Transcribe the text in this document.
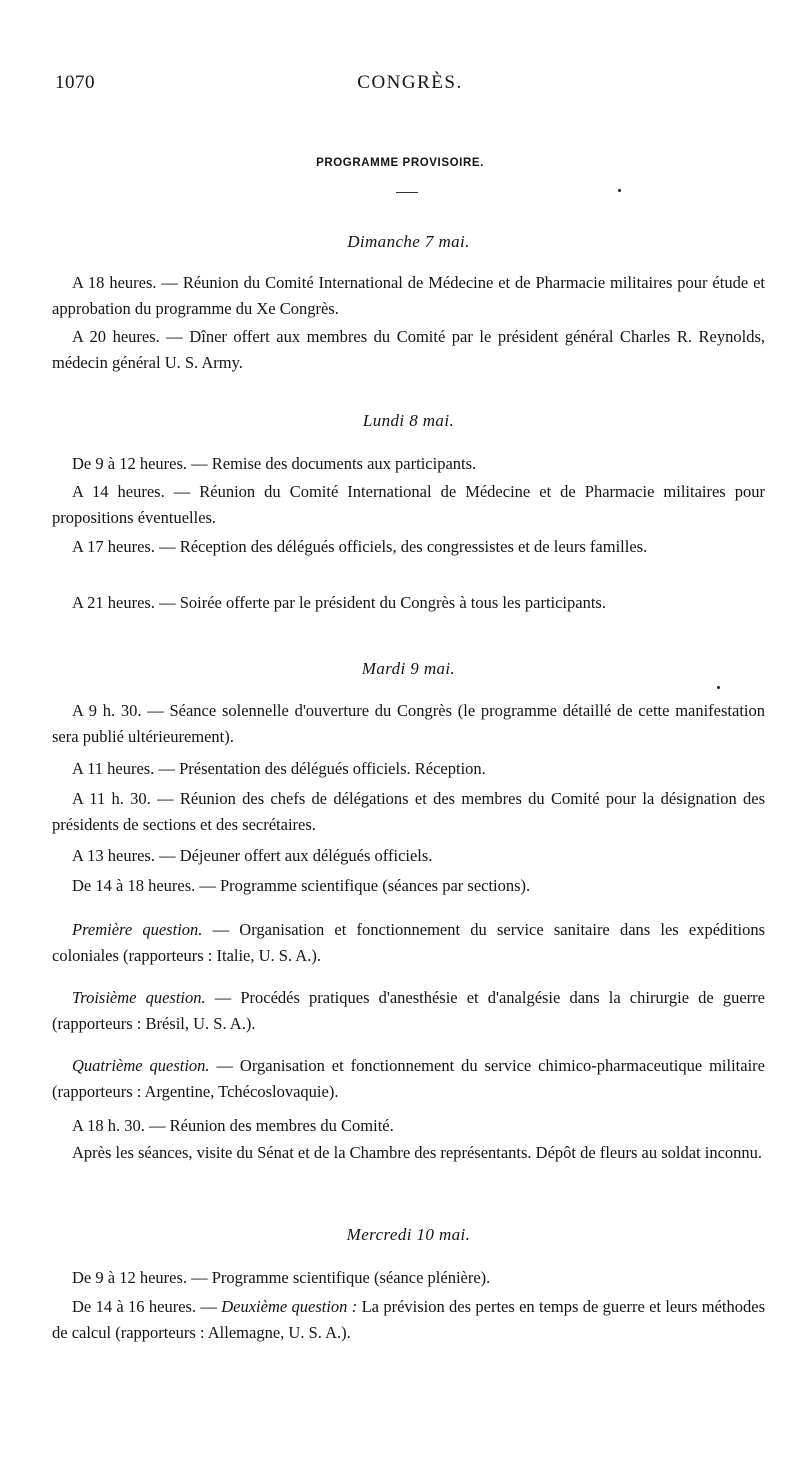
1070	CONGRÈS.
PROGRAMME PROVISOIRE.
Dimanche 7 mai.
A 18 heures. — Réunion du Comité International de Médecine et de Pharmacie militaires pour étude et approbation du programme du Xe Congrès.
A 20 heures. — Dîner offert aux membres du Comité par le président général Charles R. Reynolds, médecin général U. S. Army.
Lundi 8 mai.
De 9 à 12 heures. — Remise des documents aux participants.
A 14 heures. — Réunion du Comité International de Médecine et de Pharmacie militaires pour propositions éventuelles.
A 17 heures. — Réception des délégués officiels, des congressistes et de leurs familles.
A 21 heures. — Soirée offerte par le président du Congrès à tous les participants.
Mardi 9 mai.
A 9 h. 30. — Séance solennelle d'ouverture du Congrès (le programme détaillé de cette manifestation sera publié ultérieurement).
A 11 heures. — Présentation des délégués officiels. Réception.
A 11 h. 30. — Réunion des chefs de délégations et des membres du Comité pour la désignation des présidents de sections et des secrétaires.
A 13 heures. — Déjeuner offert aux délégués officiels.
De 14 à 18 heures. — Programme scientifique (séances par sections).
Première question. — Organisation et fonctionnement du service sanitaire dans les expéditions coloniales (rapporteurs : Italie, U. S. A.).
Troisième question. — Procédés pratiques d'anesthésie et d'analgésie dans la chirurgie de guerre (rapporteurs : Brésil, U. S. A.).
Quatrième question. — Organisation et fonctionnement du service chimico-pharmaceutique militaire (rapporteurs : Argentine, Tchécoslovaquie).
A 18 h. 30. — Réunion des membres du Comité.
Après les séances, visite du Sénat et de la Chambre des représentants. Dépôt de fleurs au soldat inconnu.
Mercredi 10 mai.
De 9 à 12 heures. — Programme scientifique (séance plénière).
De 14 à 16 heures. — Deuxième question : La prévision des pertes en temps de guerre et leurs méthodes de calcul (rapporteurs : Allemagne, U. S. A.).
